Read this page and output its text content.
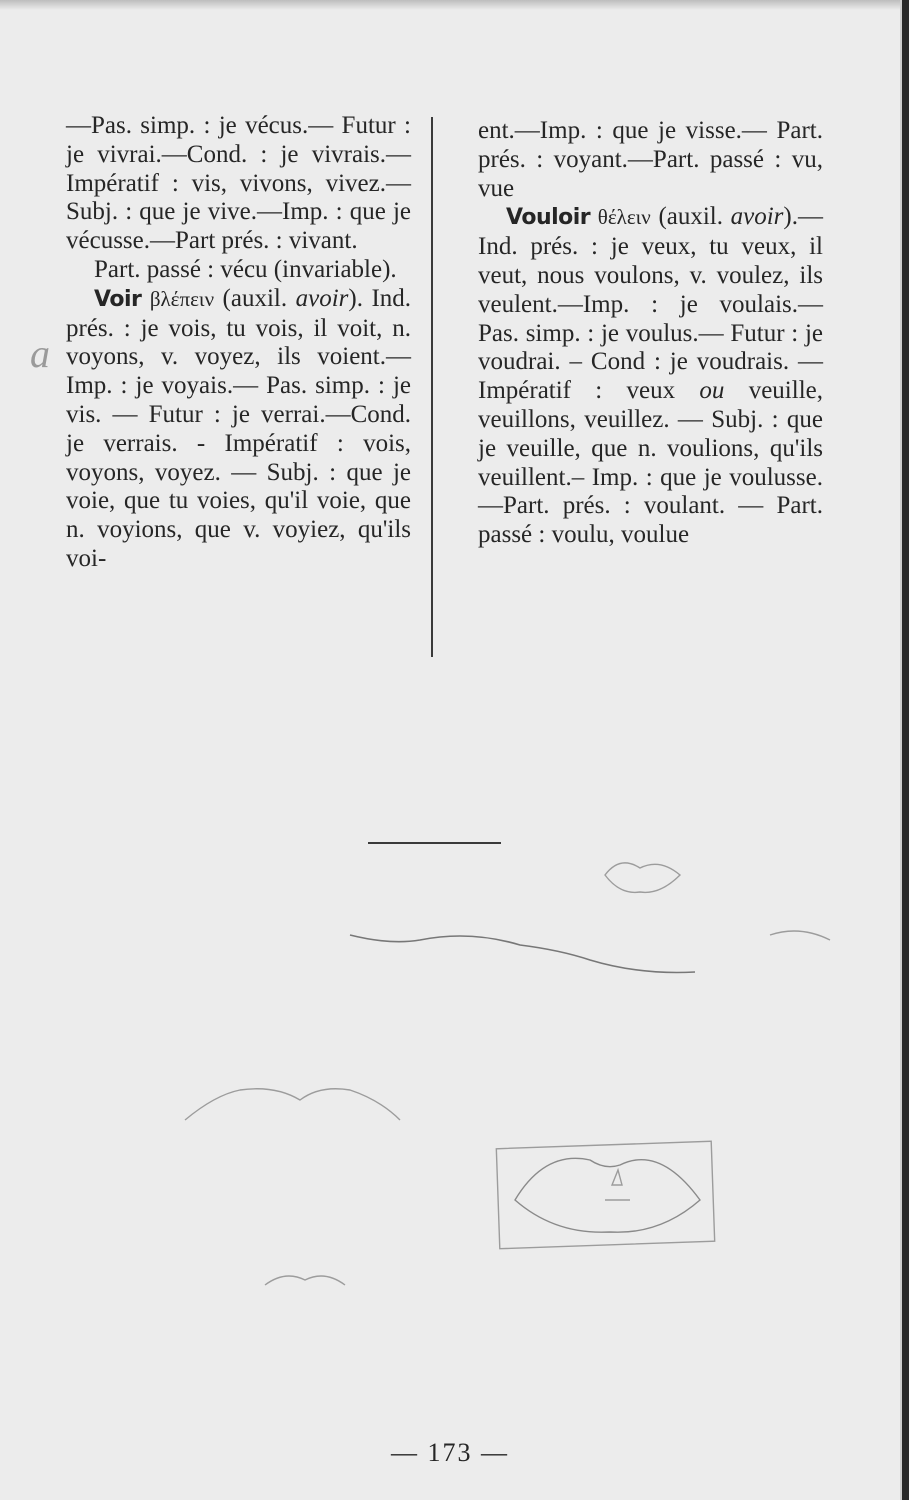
a

—Pas. simp. : je vécus.— Futur : je vivrai.—Cond. : je vivrais.—Impératif : vis, vivons, vivez.—Subj. : que je vive.—Imp. : que je vécusse.—Part prés. : vivant.

Part. passé : vécu (invariable).

Voir βλέπειν (auxil. avoir). Ind. prés. : je vois, tu vois, il voit, n. voyons, v. voyez, ils voient.—Imp. : je voyais.— Pas. simp. : je vis. — Futur : je verrai.—Cond. je verrais. - Impératif : vois, voyons, voyez. — Subj. : que je voie, que tu voies, qu'il voie, que n. voyions, que v. voyiez, qu'ils voi-

ent.—Imp. : que je visse.— Part. prés. : voyant.—Part. passé : vu, vue

Vouloir θέλειν (auxil. avoir).—Ind. prés. : je veux, tu veux, il veut, nous voulons, v. voulez, ils veulent.—Imp. : je voulais.— Pas. simp. : je voulus.— Futur : je voudrai. – Cond : je voudrais. — Impératif : veux ou veuille, veuillons, veuillez. — Subj. : que je veuille, que n. voulions, qu'ils veuillent.– Imp. : que je voulusse.—Part. prés. : voulant. — Part. passé : voulu, voulue

— 173 —
